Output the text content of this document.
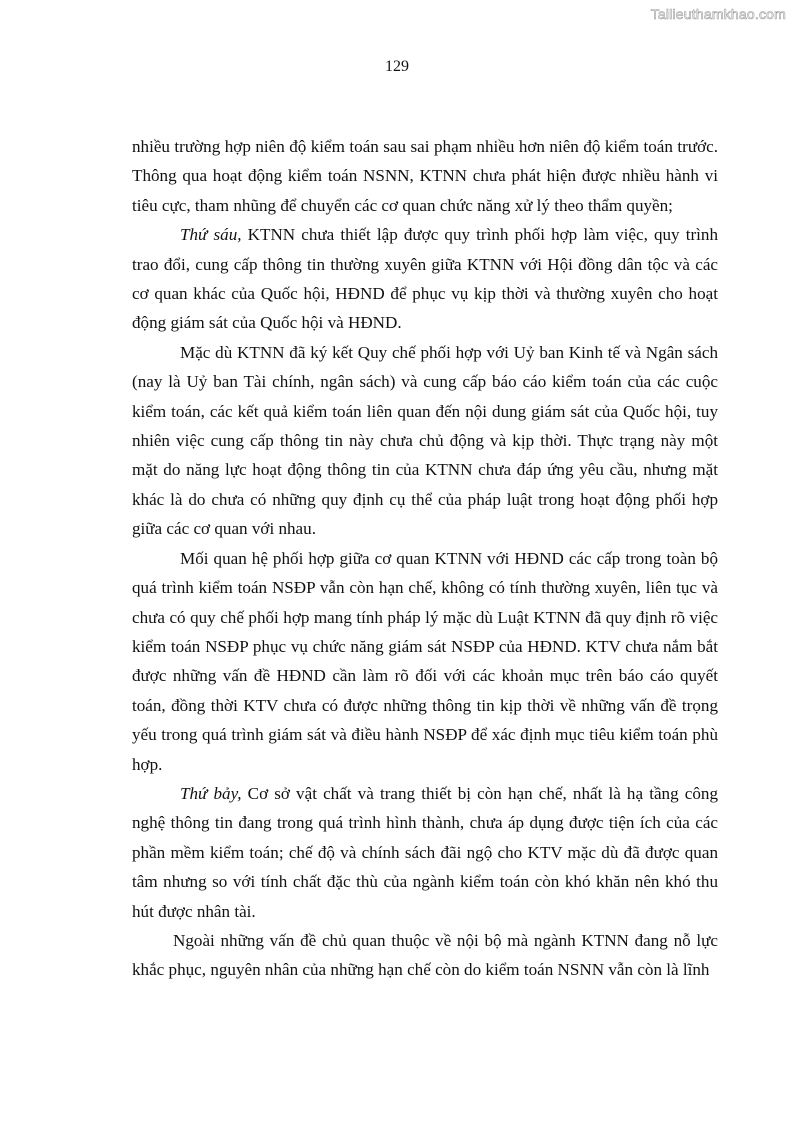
Tailieuthamkhao.com
129

nhiều trường hợp niên độ kiểm toán sau sai phạm nhiều hơn niên độ kiểm toán trước. Thông qua hoạt động kiểm toán NSNN, KTNN chưa phát hiện được nhiều hành vi tiêu cực, tham nhũng để chuyển các cơ quan chức năng xử lý theo thẩm quyền;

Thứ sáu, KTNN chưa thiết lập được quy trình phối hợp làm việc, quy trình trao đổi, cung cấp thông tin thường xuyên giữa KTNN với Hội đồng dân tộc và các cơ quan khác của Quốc hội, HĐND để phục vụ kịp thời và thường xuyên cho hoạt động giám sát của Quốc hội và HĐND.

Mặc dù KTNN đã ký kết Quy chế phối hợp với Uỷ ban Kinh tế và Ngân sách (nay là Uỷ ban Tài chính, ngân sách) và cung cấp báo cáo kiểm toán của các cuộc kiểm toán, các kết quả kiểm toán liên quan đến nội dung giám sát của Quốc hội, tuy nhiên việc cung cấp thông tin này chưa chủ động và kịp thời. Thực trạng này một mặt do năng lực hoạt động thông tin của KTNN chưa đáp ứng yêu cầu, nhưng mặt khác là do chưa có những quy định cụ thể của pháp luật trong hoạt động phối hợp giữa các cơ quan với nhau.

Mối quan hệ phối hợp giữa cơ quan KTNN với HĐND các cấp trong toàn bộ quá trình kiểm toán NSĐP vẫn còn hạn chế, không có tính thường xuyên, liên tục và chưa có quy chế phối hợp mang tính pháp lý mặc dù Luật KTNN đã quy định rõ việc kiểm toán NSĐP phục vụ chức năng giám sát NSĐP của HĐND. KTV chưa nắm bắt được những vấn đề HĐND cần làm rõ đối với các khoản mục trên báo cáo quyết toán, đồng thời KTV chưa có được những thông tin kịp thời về những vấn đề trọng yếu trong quá trình giám sát và điều hành NSĐP để xác định mục tiêu kiểm toán phù hợp.

Thứ bảy, Cơ sở vật chất và trang thiết bị còn hạn chế, nhất là hạ tầng công nghệ thông tin đang trong quá trình hình thành, chưa áp dụng được tiện ích của các phần mềm kiểm toán; chế độ và chính sách đãi ngộ cho KTV mặc dù đã được quan tâm nhưng so với tính chất đặc thù của ngành kiểm toán còn khó khăn nên khó thu hút được nhân tài.

Ngoài những vấn đề chủ quan thuộc về nội bộ mà ngành KTNN đang nỗ lực khắc phục, nguyên nhân của những hạn chế còn do kiểm toán NSNN vẫn còn là lĩnh
